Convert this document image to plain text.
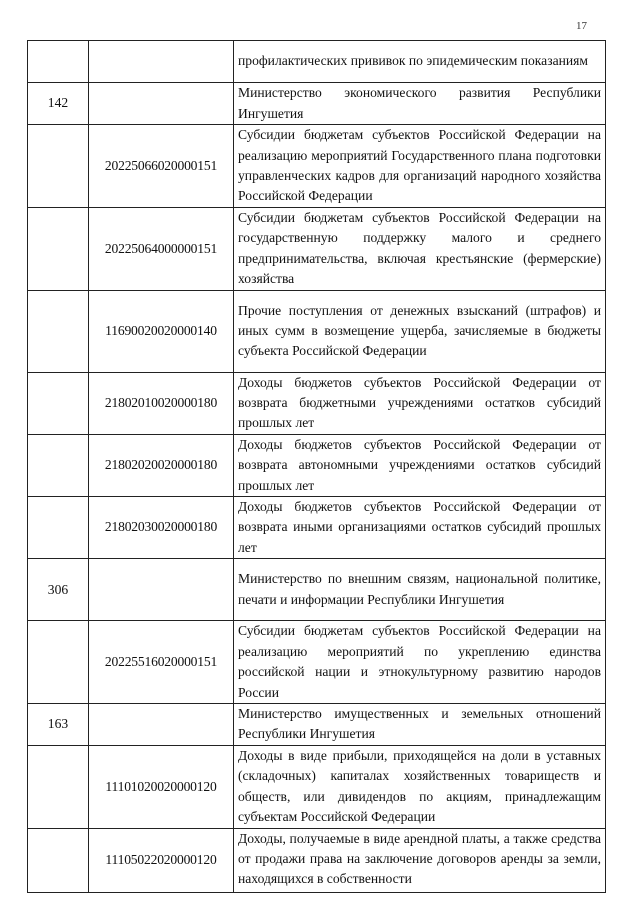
17
		профилактических прививок по эпидемическим показаниям
142		Министерство экономического развития Республики Ингушетия
	20225066020000151	Субсидии бюджетам субъектов Российской Федерации на реализацию мероприятий Государственного плана подготовки управленческих кадров для организаций народного хозяйства Российской Федерации
	20225064000000151	Субсидии бюджетам субъектов Российской Федерации на государственную поддержку малого и среднего предпринимательства, включая крестьянские (фермерские) хозяйства
	11690020020000140	Прочие поступления от денежных взысканий (штрафов) и иных сумм в возмещение ущерба, зачисляемые в бюджеты субъекта Российской Федерации
	21802010020000180	Доходы бюджетов субъектов Российской Федерации от возврата бюджетными учреждениями остатков субсидий прошлых лет
	21802020020000180	Доходы бюджетов субъектов Российской Федерации от возврата автономными учреждениями остатков субсидий прошлых лет
	21802030020000180	Доходы бюджетов субъектов Российской Федерации от возврата иными организациями остатков субсидий прошлых лет
306		Министерство по внешним связям, национальной политике, печати и информации Республики Ингушетия
	20225516020000151	Субсидии бюджетам субъектов Российской Федерации на реализацию мероприятий по укреплению единства российской нации и этнокультурному развитию народов России
163		Министерство имущественных и земельных отношений Республики Ингушетия
	11101020020000120	Доходы в виде прибыли, приходящейся на доли в уставных (складочных) капиталах хозяйственных товариществ и обществ, или дивидендов по акциям, принадлежащим субъектам Российской Федерации
	11105022020000120	Доходы, получаемые в виде арендной платы, а также средства от продажи права на заключение договоров аренды за земли, находящихся в собственности
